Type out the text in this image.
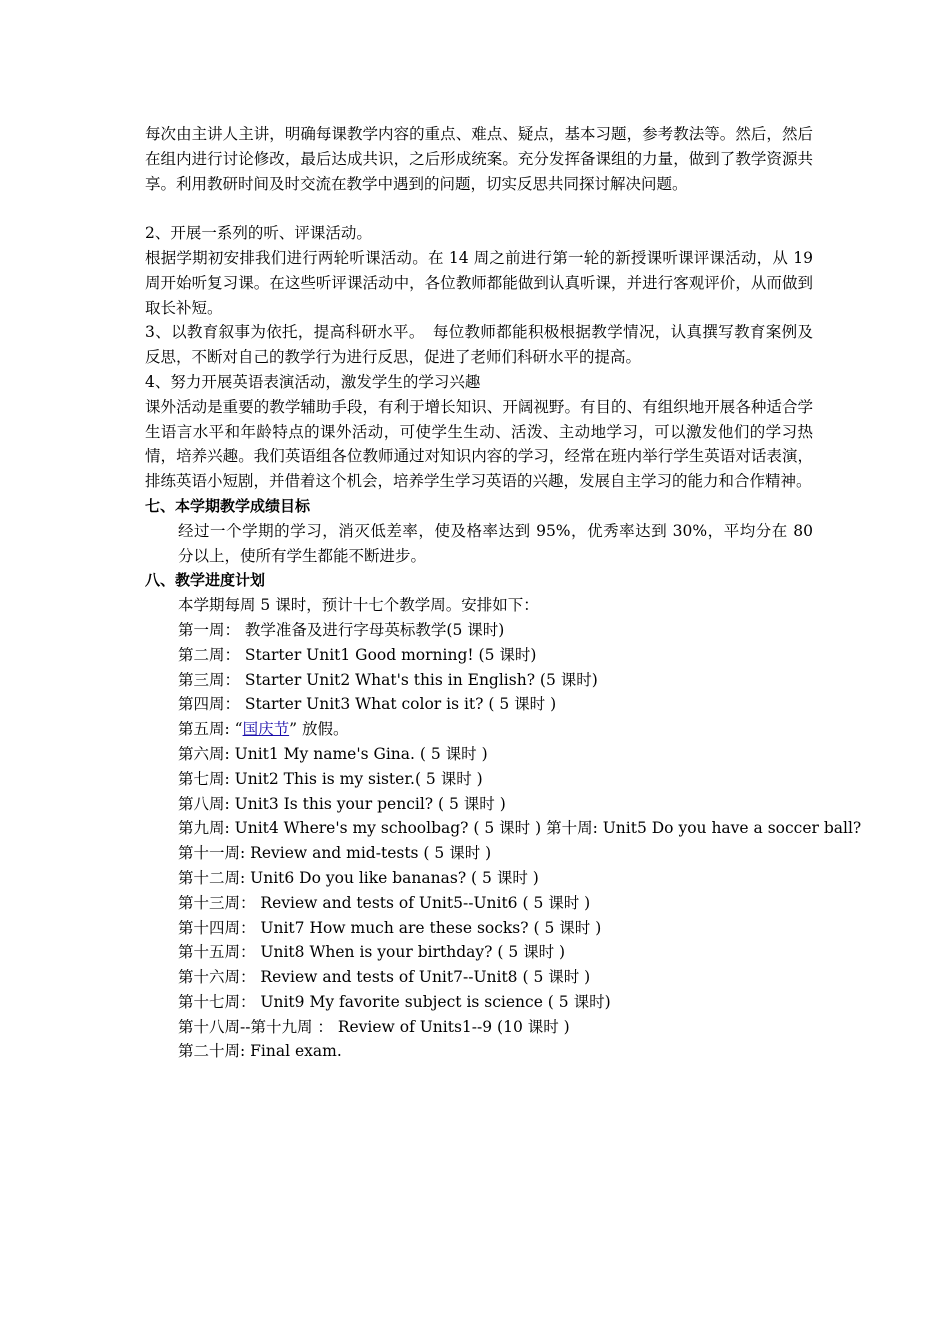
每次由主讲人主讲，明确每课教学内容的重点、难点、疑点，基本习题，参考教法等。然后，然后在组内进行讨论修改，最后达成共识，之后形成统案。充分发挥备课组的力量，做到了教学资源共享。利用教研时间及时交流在教学中遇到的问题，切实反思共同探讨解决问题。

2、开展一系列的听、评课活动。

根据学期初安排我们进行两轮听课活动。在 14 周之前进行第一轮的新授课听课评课活动，从 19 周开始听复习课。在这些听评课活动中，各位教师都能做到认真听课，并进行客观评价，从而做到取长补短。

3、以教育叙事为依托，提高科研水平。　每位教师都能积极根据教学情况，认真撰写教育案例及反思，不断对自己的教学行为进行反思，促进了老师们科研水平的提高。

4、努力开展英语表演活动，激发学生的学习兴趣

课外活动是重要的教学辅助手段，有利于增长知识、开阔视野。有目的、有组织地开展各种适合学生语言水平和年龄特点的课外活动，可使学生生动、活泼、主动地学习，可以激发他们的学习热情，培养兴趣。我们英语组各位教师通过对知识内容的学习，经常在班内举行学生英语对话表演，排练英语小短剧，并借着这个机会，培养学生学习英语的兴趣，发展自主学习的能力和合作精神。

七、本学期教学成绩目标

经过一个学期的学习，消灭低差率，使及格率达到 95%，优秀率达到 30%，平均分在 80 分以上，使所有学生都能不断进步。

八、教学进度计划

本学期每周 5 课时，预计十七个教学周。安排如下：

第一周： 教学准备及进行字母英标教学(5 课时)
第二周： Starter Unit1 Good morning! (5 课时)
第三周： Starter Unit2 What's this in English? (5 课时)
第四周： Starter Unit3 What color is it? ( 5 课时 )
第五周: “国庆节” 放假。
第六周: Unit1 My name's Gina. ( 5 课时 )
第七周: Unit2 This is my sister.( 5 课时 )
第八周: Unit3 Is this your pencil? ( 5 课时 )
第九周: Unit4 Where's my schoolbag? ( 5 课时 ) 第十周: Unit5 Do you have a soccer ball?
第十一周: Review and mid-tests ( 5 课时 )
第十二周: Unit6 Do you like bananas? ( 5 课时 )
第十三周： Review and tests of Unit5--Unit6 ( 5 课时 )
第十四周： Unit7 How much are these socks? ( 5 课时 )
第十五周： Unit8 When is your birthday? ( 5 课时 )
第十六周： Review and tests of Unit7--Unit8 ( 5 课时 )
第十七周： Unit9 My favorite subject is science ( 5 课时)
第十八周--第十九周 ： Review of Units1--9 (10 课时 )
第二十周: Final exam.
